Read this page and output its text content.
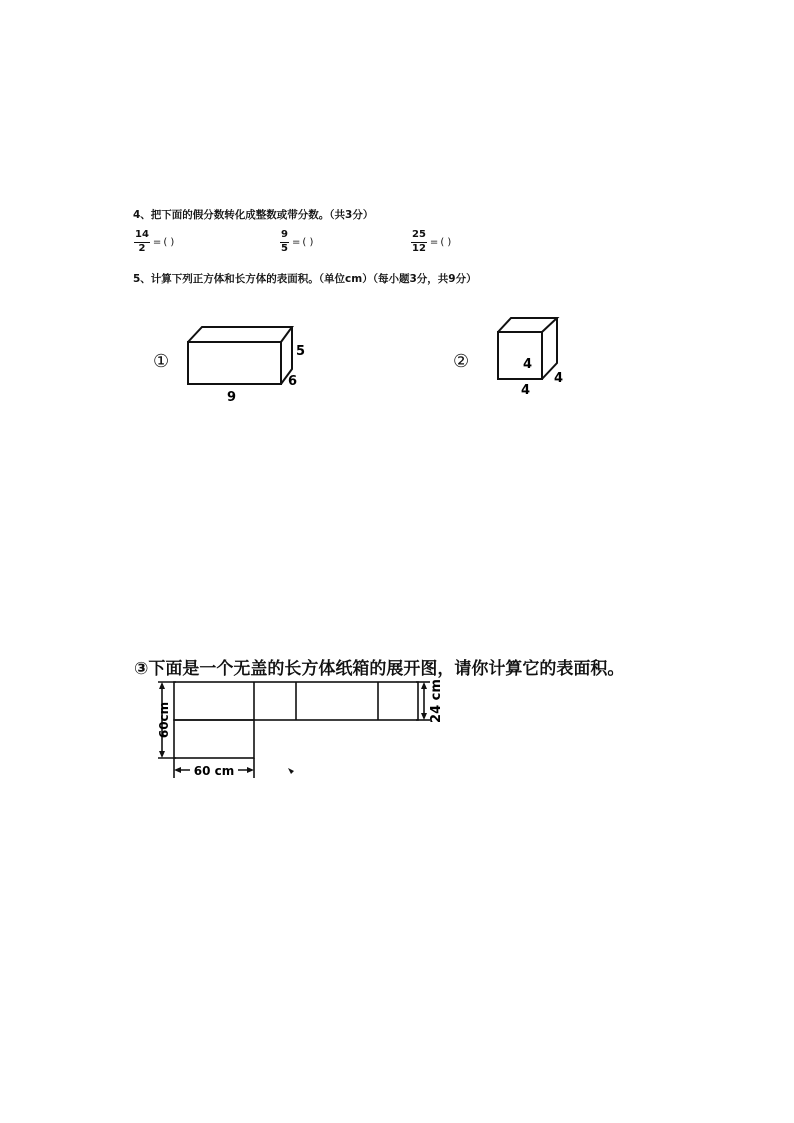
4、把下面的假分数转化成整数或带分数。（共3分）
$\frac{14}{2}$ = ( )	$\frac{9}{5}$ = ( )	$\frac{25}{12}$ = ( )
5、计算下列正方体和长方体的表面积。（单位cm）（每小题3分，共9分）
①	5
6
9
②	4
4
4
③下面是一个无盖的长方体纸箱的展开图，请你计算它的表面积。
60 cm
60cm	24 cm
